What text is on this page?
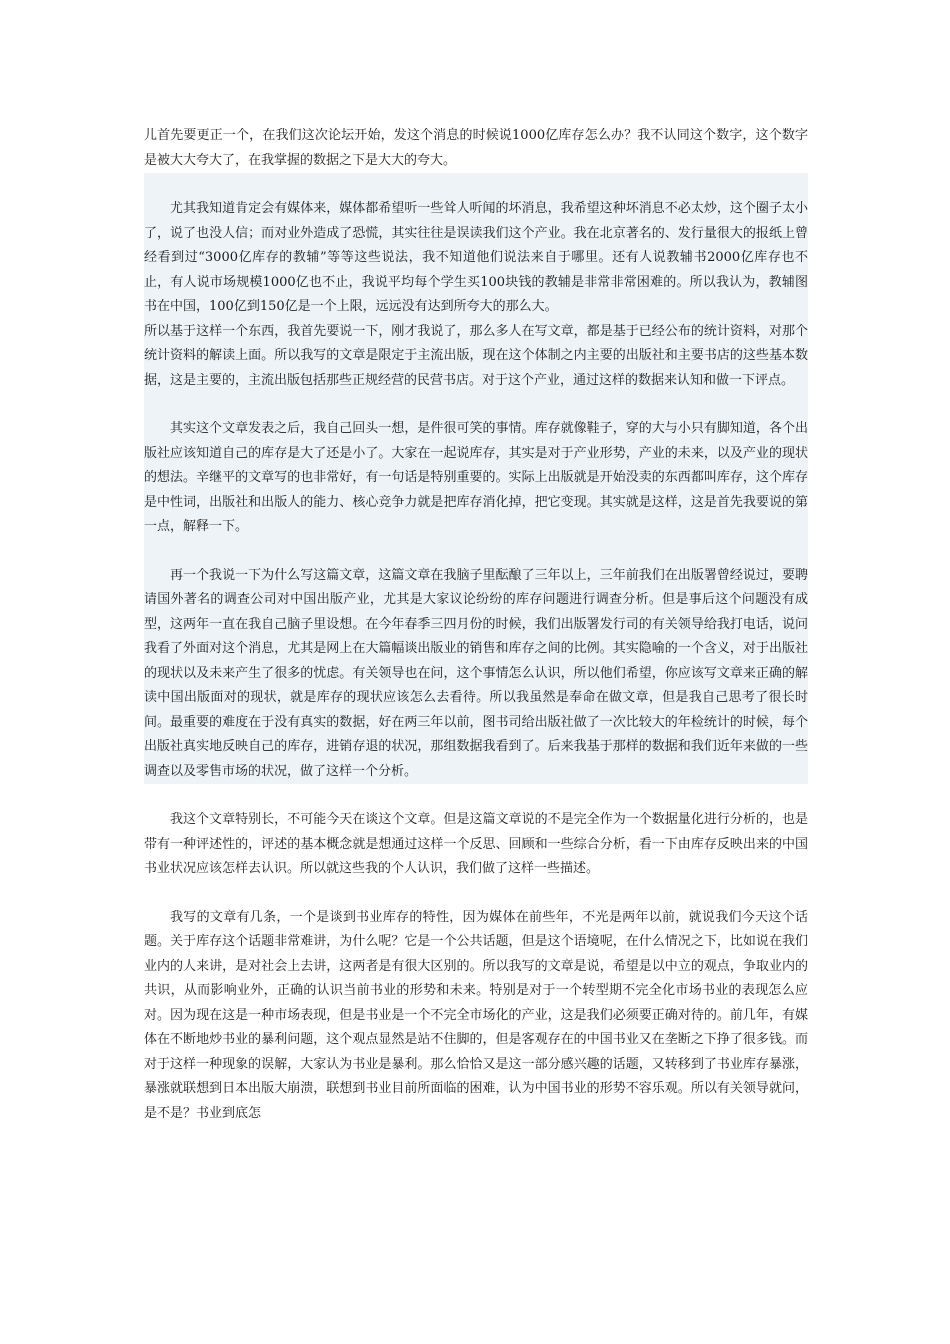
儿首先要更正一个，在我们这次论坛开始，发这个消息的时候说1000亿库存怎么办？我不认同这个数字，这个数字是被大大夸大了，在我掌握的数据之下是大大的夸大。

尤其我知道肯定会有媒体来，媒体都希望听一些耸人听闻的坏消息，我希望这种坏消息不必太炒，这个圈子太小了，说了也没人信；而对业外造成了恐慌，其实往往是误读我们这个产业。我在北京著名的、发行量很大的报纸上曾经看到过“3000亿库存的教辅”等等这些说法，我不知道他们说法来自于哪里。还有人说教辅书2000亿库存也不止，有人说市场规模1000亿也不止，我说平均每个学生买100块钱的教辅是非常非常困难的。所以我认为，教辅图书在中国，100亿到150亿是一个上限，远远没有达到所夸大的那么大。

所以基于这样一个东西，我首先要说一下，刚才我说了，那么多人在写文章，都是基于已经公布的统计资料，对那个统计资料的解读上面。所以我写的文章是限定于主流出版，现在这个体制之内主要的出版社和主要书店的这些基本数据，这是主要的，主流出版包括那些正规经营的民营书店。对于这个产业，通过这样的数据来认知和做一下评点。

其实这个文章发表之后，我自己回头一想，是件很可笑的事情。库存就像鞋子，穿的大与小只有脚知道，各个出版社应该知道自己的库存是大了还是小了。大家在一起说库存，其实是对于产业形势，产业的未来，以及产业的现状的想法。辛继平的文章写的也非常好，有一句话是特别重要的。实际上出版就是开始没卖的东西都叫库存，这个库存是中性词，出版社和出版人的能力、核心竞争力就是把库存消化掉，把它变现。其实就是这样，这是首先我要说的第一点，解释一下。

再一个我说一下为什么写这篇文章，这篇文章在我脑子里酝酿了三年以上，三年前我们在出版署曾经说过，要聘请国外著名的调查公司对中国出版产业，尤其是大家议论纷纷的库存问题进行调查分析。但是事后这个问题没有成型，这两年一直在我自己脑子里设想。在今年春季三四月份的时候，我们出版署发行司的有关领导给我打电话，说问我看了外面对这个消息，尤其是网上在大篇幅谈出版业的销售和库存之间的比例。其实隐喻的一个含义，对于出版社的现状以及未来产生了很多的忧虑。有关领导也在问，这个事情怎么认识，所以他们希望，你应该写文章来正确的解读中国出版面对的现状，就是库存的现状应该怎么去看待。所以我虽然是奉命在做文章，但是我自己思考了很长时间。最重要的难度在于没有真实的数据，好在两三年以前，图书司给出版社做了一次比较大的年检统计的时候，每个出版社真实地反映自己的库存，进销存退的状况，那组数据我看到了。后来我基于那样的数据和我们近年来做的一些调查以及零售市场的状况，做了这样一个分析。

我这个文章特别长，不可能今天在谈这个文章。但是这篇文章说的不是完全作为一个数据量化进行分析的，也是带有一种评述性的，评述的基本概念就是想通过这样一个反思、回顾和一些综合分析，看一下由库存反映出来的中国书业状况应该怎样去认识。所以就这些我的个人认识，我们做了这样一些描述。

我写的文章有几条，一个是谈到书业库存的特性，因为媒体在前些年，不光是两年以前，就说我们今天这个话题。关于库存这个话题非常难讲，为什么呢？它是一个公共话题，但是这个语境呢，在什么情况之下，比如说在我们业内的人来讲，是对社会上去讲，这两者是有很大区别的。所以我写的文章是说，希望是以中立的观点，争取业内的共识，从而影响业外，正确的认识当前书业的形势和未来。特别是对于一个转型期不完全化市场书业的表现怎么应对。因为现在这是一种市场表现，但是书业是一个不完全市场化的产业，这是我们必须要正确对待的。前几年，有媒体在不断地炒书业的暴利问题，这个观点显然是站不住脚的，但是客观存在的中国书业又在垄断之下挣了很多钱。而对于这样一种现象的误解，大家认为书业是暴利。那么恰恰又是这一部分感兴趣的话题，又转移到了书业库存暴涨，暴涨就联想到日本出版大崩溃，联想到书业目前所面临的困难，认为中国书业的形势不容乐观。所以有关领导就问，是不是？书业到底怎
